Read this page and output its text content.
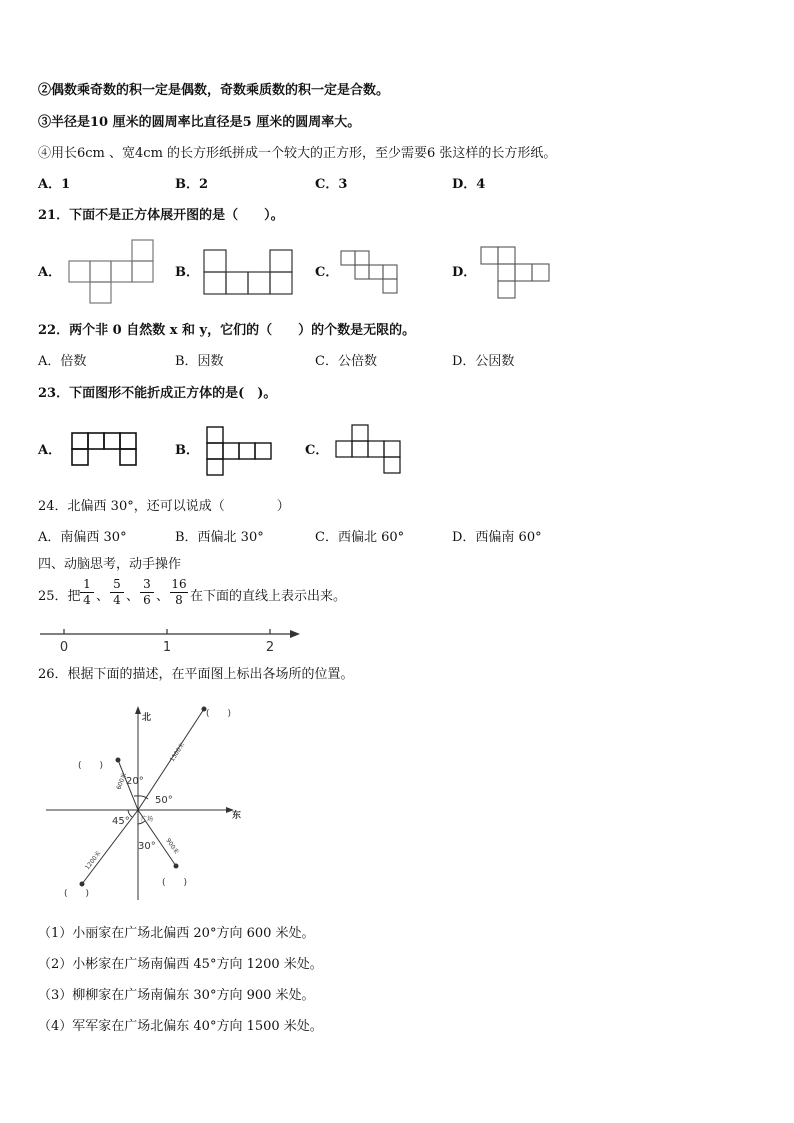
②偶数乘奇数的积一定是偶数，奇数乘质数的积一定是合数。
③半径是10 厘米的圆周率比直径是5 厘米的圆周率大。
④用长6cm 、宽4cm 的长方形纸拼成一个较大的正方形，至少需要6 张这样的长方形纸。
A．1	B．2	C．3	D．4
21．下面不是正方体展开图的是（　　）。
A．	B．	C．	D．
22．两个非 0 自然数 x 和 y，它们的（　　）的个数是无限的。
A．倍数	B．因数	C．公倍数	D．公因数
23．下面图形不能折成正方体的是(　)。
A．	B．	C．
24．北偏西 30°，还可以说成（　　　　）
A．南偏西 30°	B．西偏北 30°	C．西偏北 60°	D．西偏南 60°
四、动脑思考，动手操作
25．把
1
4 、
5
4 、
3
6 、
16
8 在下面的直线上表示出来。
0	1	2
26．根据下面的描述，在平面图上标出各场所的位置。
北
东
广场
20°
50°
45°
30°
1500米
600米
1200米
900米
(　　)
(　　)
(　　)
(　　)
（1）小丽家在广场北偏西 20°方向 600 米处。
（2）小彬家在广场南偏西 45°方向 1200 米处。
（3）柳柳家在广场南偏东 30°方向 900 米处。
（4）军军家在广场北偏东 40°方向 1500 米处。
